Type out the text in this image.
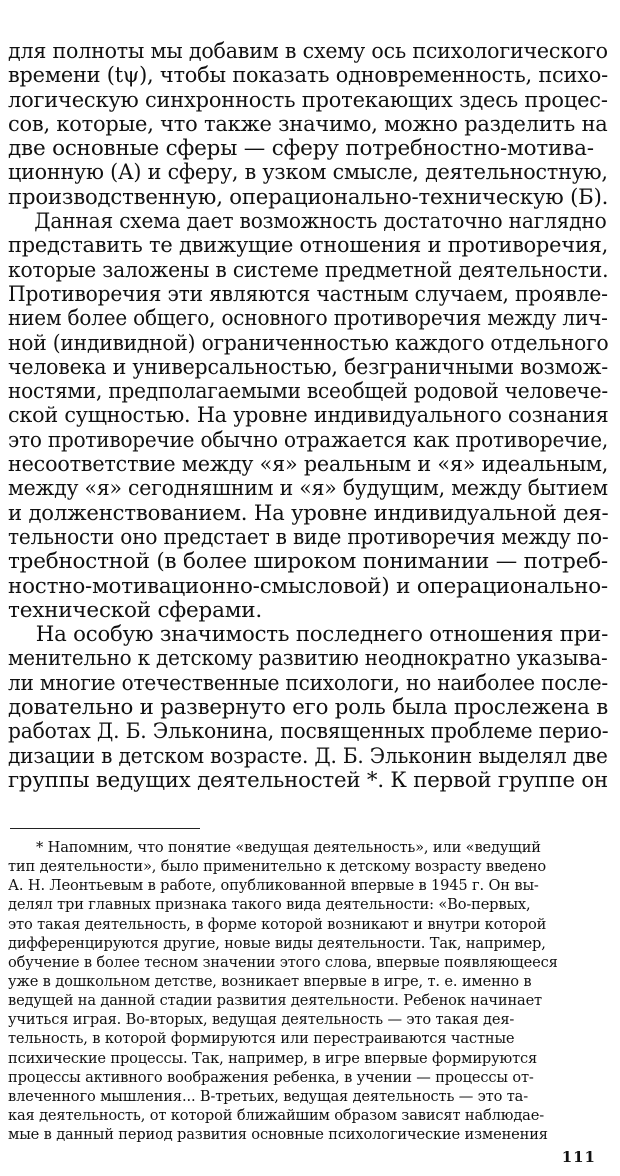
для полноты мы добавим в схему ось психологического
времени (tψ), чтобы показать одновременность, психо-
логическую синхронность протекающих здесь процес-
сов, которые, что также значимо, можно разделить на
две основные сферы — сферу потребностно-мотива-
ционную (А) и сферу, в узком смысле, деятельностную,
производственную, операционально-техническую (Б).
Данная схема дает возможность достаточно наглядно
представить те движущие отношения и противоречия,
которые заложены в системе предметной деятельности.
Противоречия эти являются частным случаем, проявле-
нием более общего, основного противоречия между лич-
ной (индивидной) ограниченностью каждого отдельного
человека и универсальностью, безграничными возмож-
ностями, предполагаемыми всеобщей родовой человече-
ской сущностью. На уровне индивидуального сознания
это противоречие обычно отражается как противоречие,
несоответствие между «я» реальным и «я» идеальным,
между «я» сегодняшним и «я» будущим, между бытием
и долженствованием. На уровне индивидуальной дея-
тельности оно предстает в виде противоречия между по-
требностной (в более широком понимании — потреб-
ностно-мотивационно-смысловой) и операционально-
технической сферами.
На особую значимость последнего отношения при-
менительно к детскому развитию неоднократно указыва-
ли многие отечественные психологи, но наиболее после-
довательно и развернуто его роль была прослежена в
работах Д. Б. Эльконина, посвященных проблеме перио-
дизации в детском возрасте. Д. Б. Эльконин выделял две
группы ведущих деятельностей *. К первой группе он
* Напомним, что понятие «ведущая деятельность», или «ведущий
тип деятельности», было применительно к детскому возрасту введено
А. Н. Леонтьевым в работе, опубликованной впервые в 1945 г. Он вы-
делял три главных признака такого вида деятельности: «Во-первых,
это такая деятельность, в форме которой возникают и внутри которой
дифференцируются другие, новые виды деятельности. Так, например,
обучение в более тесном значении этого слова, впервые появляющееся
уже в дошкольном детстве, возникает впервые в игре, т. е. именно в
ведущей на данной стадии развития деятельности. Ребенок начинает
учиться играя. Во-вторых, ведущая деятельность — это такая дея-
тельность, в которой формируются или перестраиваются частные
психические процессы. Так, например, в игре впервые формируются
процессы активного воображения ребенка, в учении — процессы от-
влеченного мышления... В-третьих, ведущая деятельность — это та-
кая деятельность, от которой ближайшим образом зависят наблюдае-
мые в данный период развития основные психологические изменения
111
